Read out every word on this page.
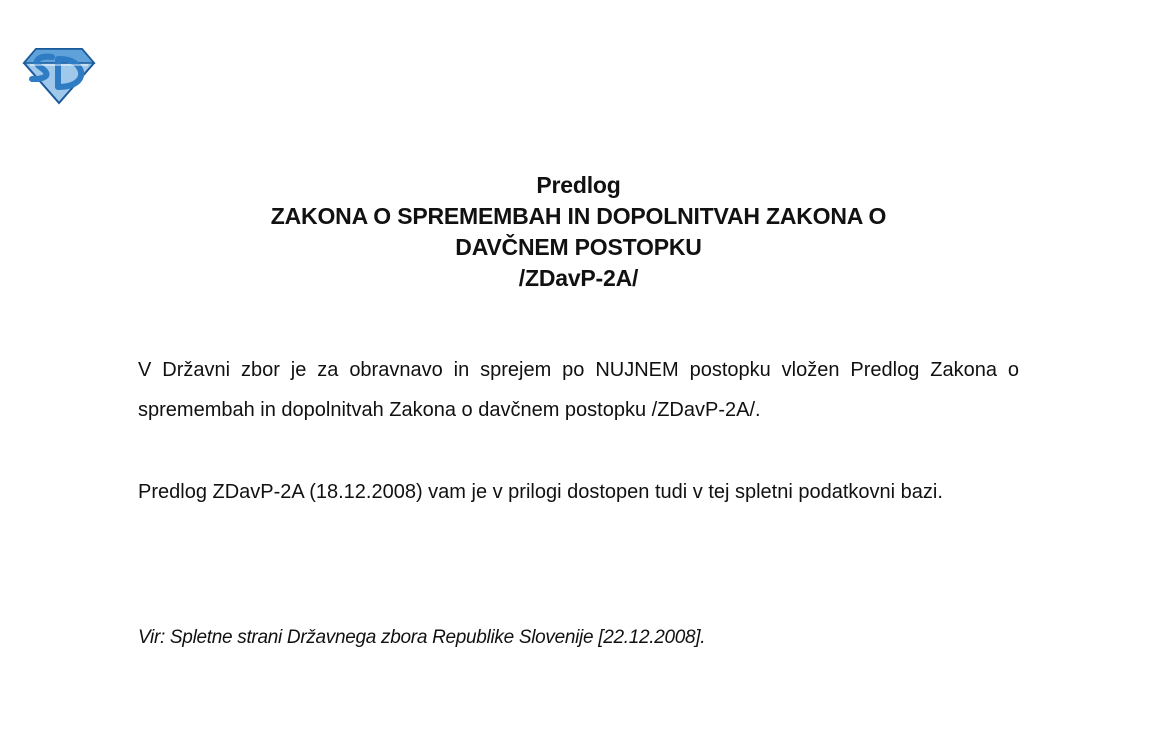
Predlog
ZAKONA O SPREMEMBAH IN DOPOLNITVAH ZAKONA O
DAVČNEM POSTOPKU
/ZDavP-2A/

V Državni zbor je za obravnavo in sprejem po NUJNEM postopku vložen Predlog Zakona o spremembah in dopolnitvah Zakona o davčnem postopku /ZDavP-2A/.

Predlog ZDavP-2A (18.12.2008) vam je v prilogi dostopen tudi v tej spletni podatkovni bazi.

Vir: Spletne strani Državnega zbora Republike Slovenije [22.12.2008].
